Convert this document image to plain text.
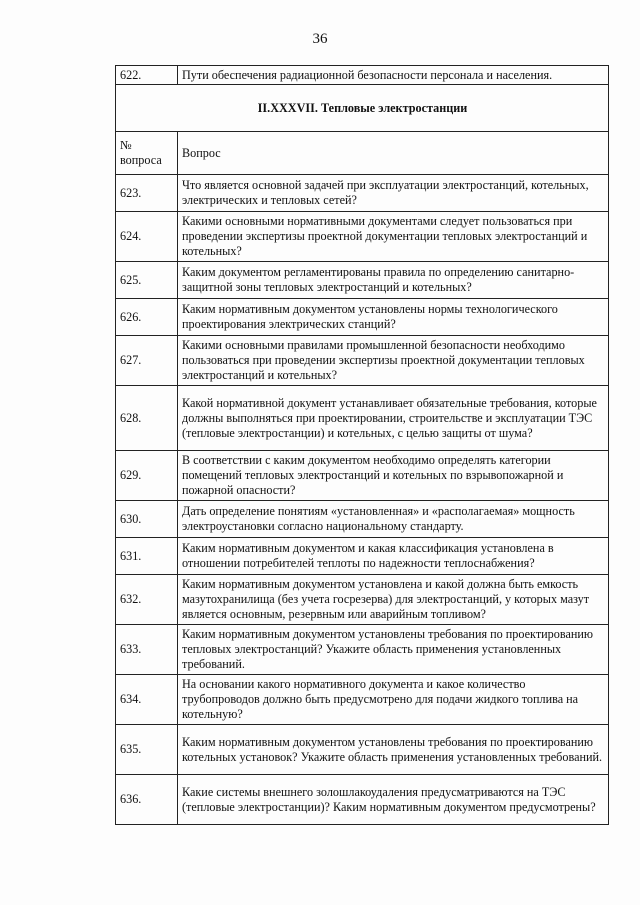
36
622.	Пути обеспечения радиационной безопасности персонала и населения.
II.XXXVII. Тепловые электростанции	
№ вопроса	Вопрос
623.	Что является основной задачей при эксплуатации электростанций, котельных, электрических и тепловых сетей?
624.	Какими основными нормативными документами следует пользоваться при проведении экспертизы проектной документации тепловых электростанций и котельных?
625.	Каким документом регламентированы правила по определению санитарно-защитной зоны тепловых электростанций и котельных?
626.	Каким нормативным документом установлены нормы технологического проектирования электрических станций?
627.	Какими основными правилами промышленной безопасности необходимо пользоваться при проведении экспертизы проектной документации тепловых электростанций и котельных?
628.	Какой нормативной документ устанавливает обязательные требования, которые должны выполняться при проектировании, строительстве и эксплуатации ТЭС (тепловые электростанции) и котельных, с целью защиты от шума?
629.	В соответствии с каким документом необходимо определять категории помещений тепловых электростанций и котельных по взрывопожарной и пожарной опасности?
630.	Дать определение понятиям «установленная» и «располагаемая» мощность электроустановки согласно национальному стандарту.
631.	Каким нормативным документом и какая классификация установлена в отношении потребителей теплоты по надежности теплоснабжения?
632.	Каким нормативным документом установлена и какой должна быть емкость мазутохранилища (без учета госрезерва) для электростанций, у которых мазут является основным, резервным или аварийным топливом?
633.	Каким нормативным документом установлены требования по проектированию тепловых электростанций? Укажите область применения установленных требований.
634.	На основании какого нормативного документа и какое количество трубопроводов должно быть предусмотрено для подачи жидкого топлива на котельную?
635.	Каким нормативным документом установлены требования по проектированию котельных установок? Укажите область применения установленных требований.
636.	Какие системы внешнего золошлакоудаления предусматриваются на ТЭС (тепловые электростанции)? Каким нормативным документом предусмотрены?
